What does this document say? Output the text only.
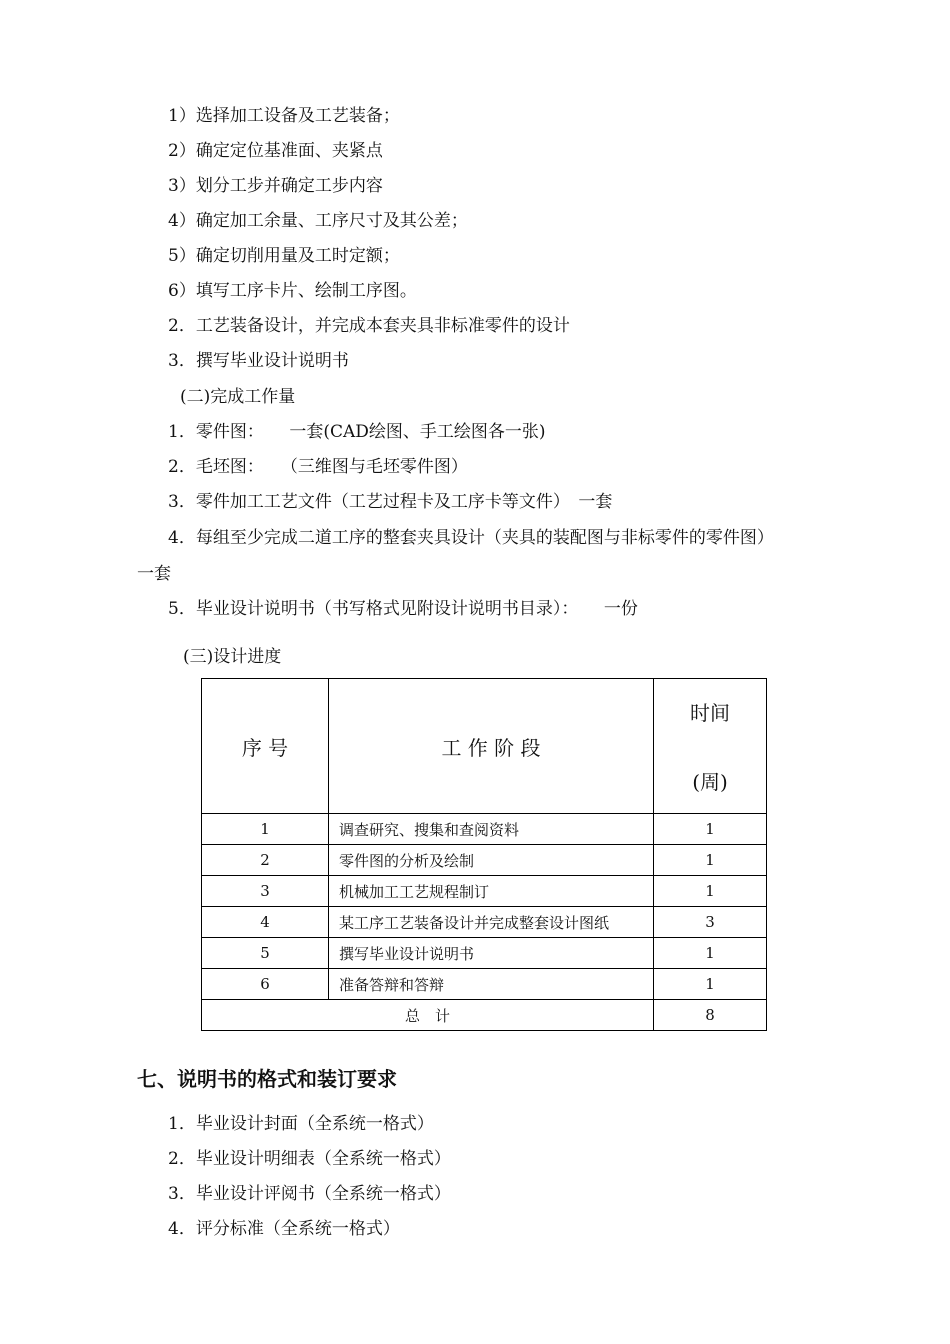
1）选择加工设备及工艺装备；
2）确定定位基准面、夹紧点
3）划分工步并确定工步内容
4）确定加工余量、工序尺寸及其公差；
5）确定切削用量及工时定额；
6）填写工序卡片、绘制工序图。
2．工艺装备设计，并完成本套夹具非标准零件的设计
3．撰写毕业设计说明书
(二)完成工作量
1．零件图：　　一套(CAD绘图、手工绘图各一张)
2．毛坯图：　　（三维图与毛坯零件图）
3．零件加工工艺文件（工艺过程卡及工序卡等文件）　一套
4．每组至少完成二道工序的整套夹具设计（夹具的装配图与非标零件的零件图）
一套
5．毕业设计说明书（书写格式见附设计说明书目录）：　　一份
(三)设计进度
序 号	工 作 阶 段	时间
(周)
1	调查研究、搜集和查阅资料	1
2	零件图的分析及绘制	1
3	机械加工工艺规程制订	1
4	某工序工艺装备设计并完成整套设计图纸	3
5	撰写毕业设计说明书	1
6	准备答辩和答辩	1
总　计		8
七、说明书的格式和装订要求
1．毕业设计封面（全系统一格式）
2．毕业设计明细表（全系统一格式）
3．毕业设计评阅书（全系统一格式）
4．评分标准（全系统一格式）
